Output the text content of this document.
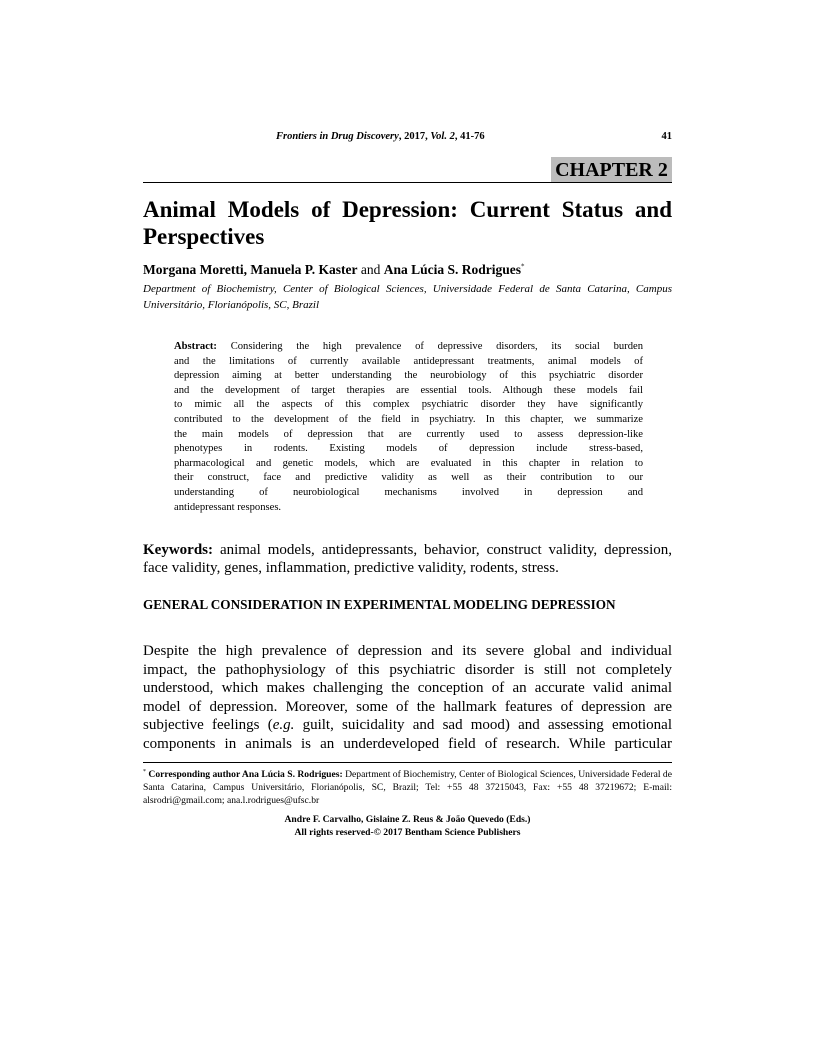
Frontiers in Drug Discovery, 2017, Vol. 2, 41-76	41
CHAPTER 2
Animal Models of Depression: Current Status and Perspectives
Morgana Moretti, Manuela P. Kaster and Ana Lúcia S. Rodrigues*
Department of Biochemistry, Center of Biological Sciences, Universidade Federal de Santa Catarina, Campus Universitário, Florianópolis, SC, Brazil
Abstract: Considering the high prevalence of depressive disorders, its social burden
and the limitations of currently available antidepressant treatments, animal models of
depression aiming at better understanding the neurobiology of this psychiatric disorder
and the development of target therapies are essential tools. Although these models fail
to mimic all the aspects of this complex psychiatric disorder they have significantly
contributed to the development of the field in psychiatry. In this chapter, we summarize
the main models of depression that are currently used to assess depression-like
phenotypes in rodents. Existing models of depression include stress-based,
pharmacological and genetic models, which are evaluated in this chapter in relation to
their construct, face and predictive validity as well as their contribution to our
understanding of neurobiological mechanisms involved in depression and
antidepressant responses.
Keywords: animal models, antidepressants, behavior, construct validity, depression, face validity, genes, inflammation, predictive validity, rodents, stress.
GENERAL CONSIDERATION IN EXPERIMENTAL MODELING DEPRESSION
Despite the high prevalence of depression and its severe global and individual
impact, the pathophysiology of this psychiatric disorder is still not completely
understood, which makes challenging the conception of an accurate valid animal
model of depression. Moreover, some of the hallmark features of depression are
subjective feelings (e.g. guilt, suicidality and sad mood) and assessing emotional
components in animals is an underdeveloped field of research. While particular
* Corresponding author Ana Lúcia S. Rodrigues: Department of Biochemistry, Center of Biological Sciences, Universidade Federal de Santa Catarina, Campus Universitário, Florianópolis, SC, Brazil; Tel: +55 48 37215043, Fax: +55 48 37219672; E-mail: alsrodri@gmail.com; ana.l.rodrigues@ufsc.br
Andre F. Carvalho, Gislaine Z. Reus & João Quevedo (Eds.)
All rights reserved-© 2017 Bentham Science Publishers
